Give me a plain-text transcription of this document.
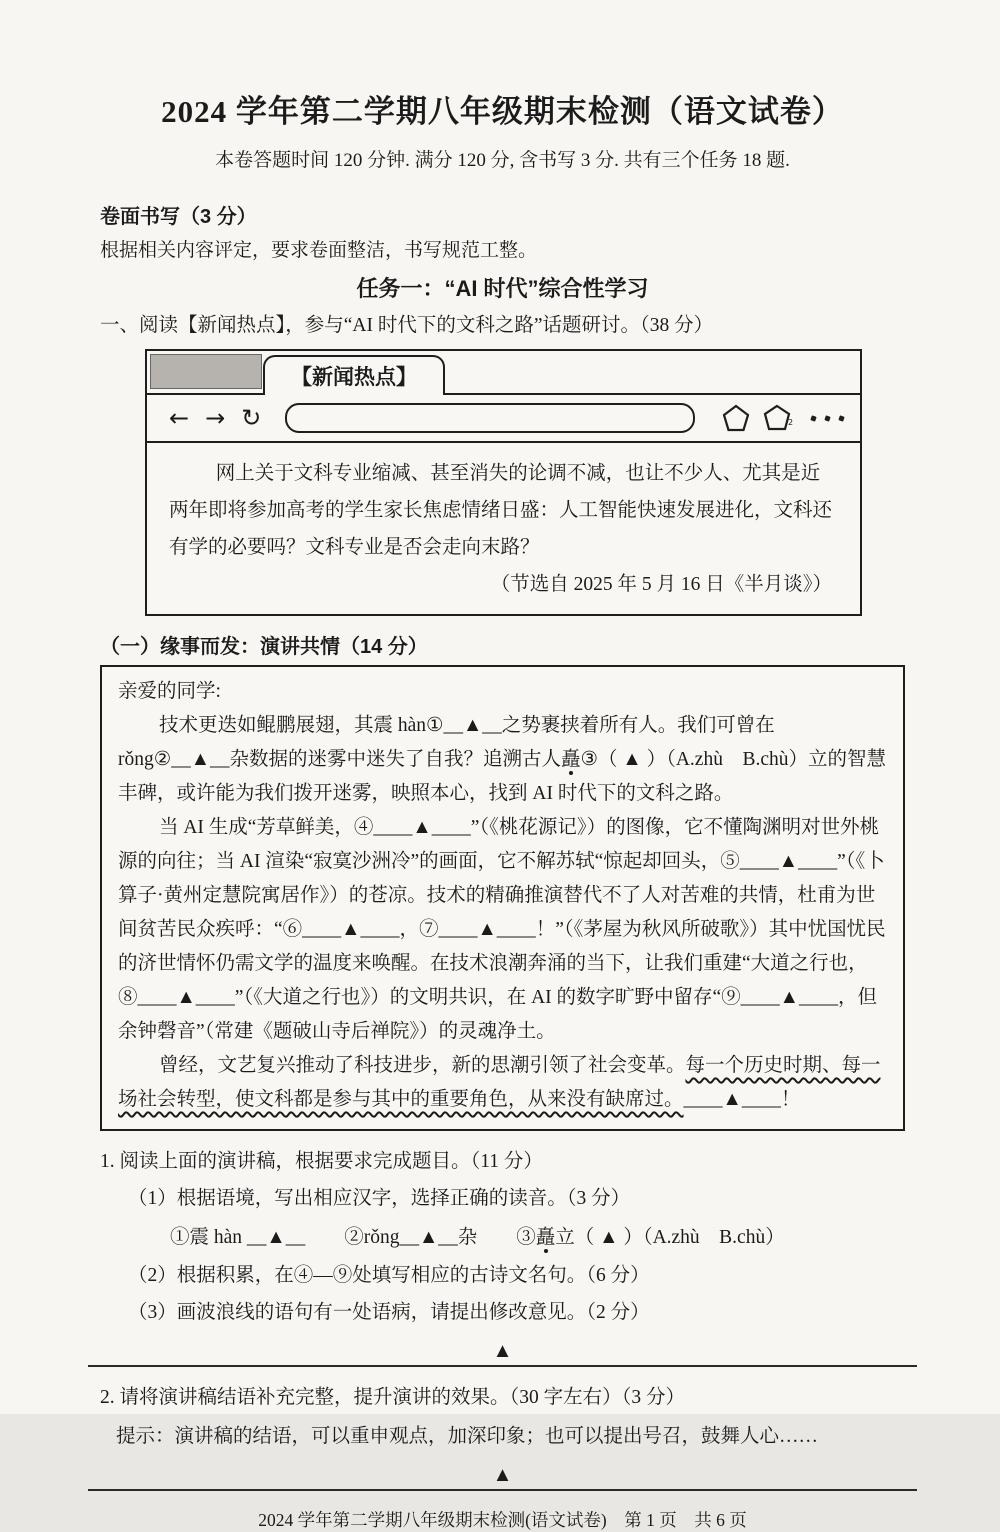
2024 学年第二学期八年级期末检测（语文试卷）

本卷答题时间 120 分钟. 满分 120 分, 含书写 3 分. 共有三个任务 18 题.

卷面书写（3 分）

根据相关内容评定，要求卷面整洁，书写规范工整。

任务一：“AI 时代”综合性学习

一、阅读【新闻热点】，参与“AI 时代下的文科之路”话题研讨。（38 分）

【新闻热点】
← → ↻	2

网上关于文科专业缩减、甚至消失的论调不减，也让不少人、尤其是近两年即将参加高考的学生家长焦虑情绪日盛：人工智能快速发展进化，文科还有学的必要吗？文科专业是否会走向末路？

（节选自 2025 年 5 月 16 日《半月谈》）

（一）缘事而发：演讲共情（14 分）

亲爱的同学:

技术更迭如鲲鹏展翅，其震 hàn①__▲__之势裹挟着所有人。我们可曾在 rǒng②__▲__杂数据的迷雾中迷失了自我？追溯古人矗③（ ▲ ）（A.zhù　B.chù）立的智慧丰碑，或许能为我们拨开迷雾，映照本心，找到 AI 时代下的文科之路。

当 AI 生成“芳草鲜美，④____▲____”（《桃花源记》）的图像，它不懂陶渊明对世外桃源的向往；当 AI 渲染“寂寞沙洲冷”的画面，它不解苏轼“惊起却回头，⑤____▲____”（《卜算子·黄州定慧院寓居作》）的苍凉。技术的精确推演替代不了人对苦难的共情，杜甫为世间贫苦民众疾呼：“⑥____▲____，⑦____▲____！”（《茅屋为秋风所破歌》）其中忧国忧民的济世情怀仍需文学的温度来唤醒。在技术浪潮奔涌的当下，让我们重建“大道之行也，⑧____▲____”（《大道之行也》）的文明共识，在 AI 的数字旷野中留存“⑨____▲____，但余钟磬音”（常建《题破山寺后禅院》）的灵魂净土。

曾经，文艺复兴推动了科技进步，新的思潮引领了社会变革。每一个历史时期、每一场社会转型，使文科都是参与其中的重要角色，从来没有缺席过。____▲____！

1. 阅读上面的演讲稿，根据要求完成题目。（11 分）

（1）根据语境，写出相应汉字，选择正确的读音。（3 分）

①震 hàn __▲__　　②rǒng__▲__杂　　③矗立（ ▲ ）（A.zhù　B.chù）

（2）根据积累，在④—⑨处填写相应的古诗文名句。（6 分）

（3）画波浪线的语句有一处语病，请提出修改意见。（2 分）

▲

2. 请将演讲稿结语补充完整，提升演讲的效果。（30 字左右）（3 分）

提示：演讲稿的结语，可以重申观点，加深印象；也可以提出号召，鼓舞人心……

▲

2024 学年第二学期八年级期末检测(语文试卷)　第 1 页　共 6 页
